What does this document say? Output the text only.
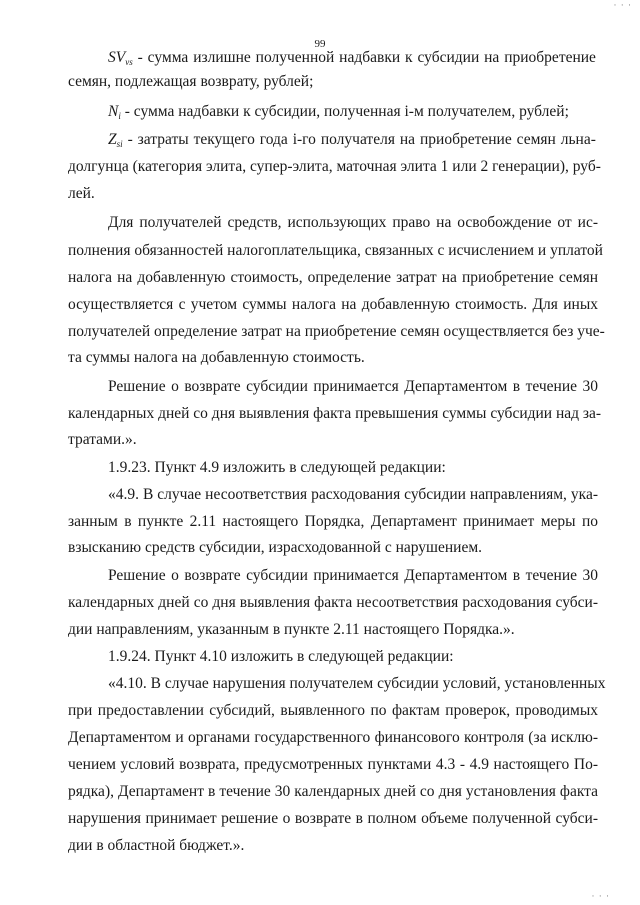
99
$SV_{vs}$ - сумма излишне полученной надбавки к субсидии на приобретение
семян, подлежащая возврату, рублей;
$N_i$ - сумма надбавки к субсидии, полученная i-м получателем, рублей;
$Z_{si}$ - затраты текущего года i-го получателя на приобретение семян льна-
долгунца (категория элита, супер-элита, маточная элита 1 или 2 генерации), руб-
лей.
Для получателей средств, использующих право на освобождение от ис-
полнения обязанностей налогоплательщика, связанных с исчислением и уплатой
налога на добавленную стоимость, определение затрат на приобретение семян
осуществляется с учетом суммы налога на добавленную стоимость. Для иных
получателей определение затрат на приобретение семян осуществляется без уче-
та суммы налога на добавленную стоимость.
Решение о возврате субсидии принимается Департаментом в течение 30
календарных дней со дня выявления факта превышения суммы субсидии над за-
тратами.».
1.9.23. Пункт 4.9 изложить в следующей редакции:
«4.9. В случае несоответствия расходования субсидии направлениям, ука-
занным в пункте 2.11 настоящего Порядка, Департамент принимает меры по
взысканию средств субсидии, израсходованной с нарушением.
Решение о возврате субсидии принимается Департаментом в течение 30
календарных дней со дня выявления факта несоответствия расходования субси-
дии направлениям, указанным в пункте 2.11 настоящего Порядка.».
1.9.24. Пункт 4.10 изложить в следующей редакции:
«4.10. В случае нарушения получателем субсидии условий, установленных
при предоставлении субсидий, выявленного по фактам проверок, проводимых
Департаментом и органами государственного финансового контроля (за исклю-
чением условий возврата, предусмотренных пунктами 4.3 - 4.9 настоящего По-
рядка), Департамент в течение 30 календарных дней со дня установления факта
нарушения принимает решение о возврате в полном объеме полученной субси-
дии в областной бюджет.».
· · ·
· · ·
